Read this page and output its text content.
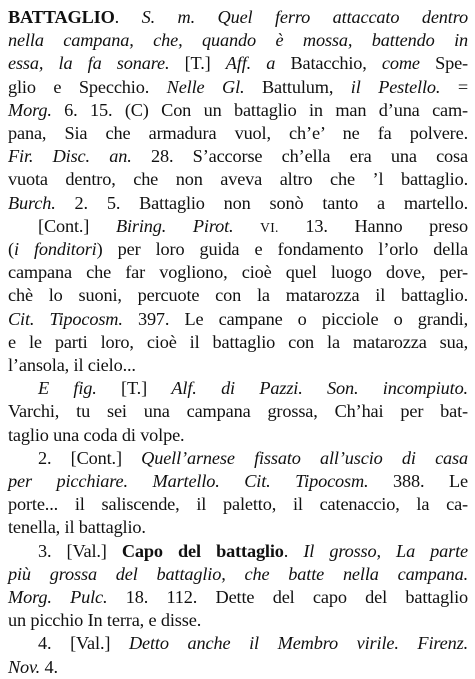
BATTAGLIO. S. m. Quel ferro attaccato dentro
nella campana, che, quando è mossa, battendo in
essa, la fa sonare. [T.] Aff. a Batacchio, come Spe-
glio e Specchio. Nelle Gl. Battulum, il Pestello. =
Morg. 6. 15. (C) Con un battaglio in man d’una cam-
pana, Sia che armadura vuol, ch’e’ ne fa polvere.
Fir. Disc. an. 28. S’accorse ch’ella era una cosa
vuota dentro, che non aveva altro che ’l battaglio.
Burch. 2. 5. Battaglio non sonò tanto a martello.
[Cont.] Biring. Pirot. VI. 13. Hanno preso
(i fonditori) per loro guida e fondamento l’orlo della
campana che far vogliono, cioè quel luogo dove, per-
chè lo suoni, percuote con la matarozza il battaglio.
Cit. Tipocosm. 397. Le campane o picciole o grandi,
e le parti loro, cioè il battaglio con la matarozza sua,
l’ansola, il cielo...
E fig. [T.] Alf. di Pazzi. Son. incompiuto.
Varchi, tu sei una campana grossa, Ch’hai per bat-
taglio una coda di volpe.
2. [Cont.] Quell’arnese fissato all’uscio di casa
per picchiare. Martello. Cit. Tipocosm. 388. Le
porte... il saliscende, il paletto, il catenaccio, la ca-
tenella, il battaglio.
3. [Val.] Capo del battaglio. Il grosso, La parte
più grossa del battaglio, che batte nella campana.
Morg. Pulc. 18. 112. Dette del capo del battaglio
un picchio In terra, e disse.
4. [Val.] Detto anche il Membro virile. Firenz.
Nov. 4.
